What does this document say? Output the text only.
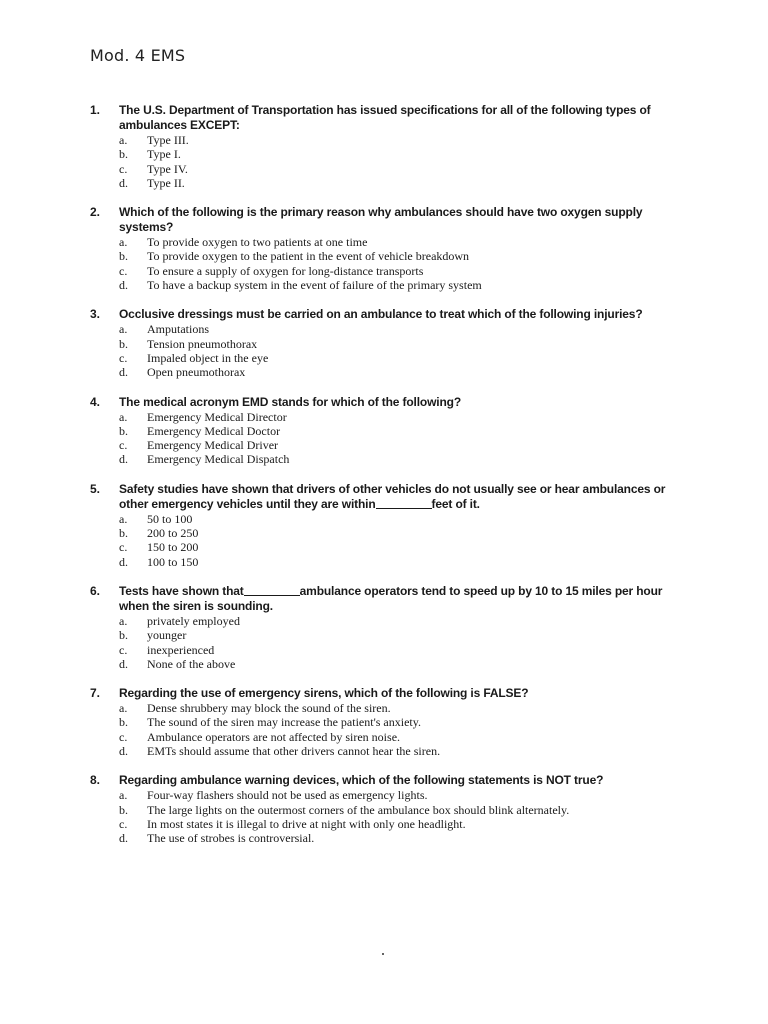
Mod. 4 EMS
1. The U.S. Department of Transportation has issued specifications for all of the following types of ambulances EXCEPT:

a. Type III.
b. Type I.
c. Type IV.
d. Type II.
2. Which of the following is the primary reason why ambulances should have two oxygen supply systems?

a. To provide oxygen to two patients at one time
b. To provide oxygen to the patient in the event of vehicle breakdown
c. To ensure a supply of oxygen for long-distance transports
d. To have a backup system in the event of failure of the primary system
3. Occlusive dressings must be carried on an ambulance to treat which of the following injuries?

a. Amputations
b. Tension pneumothorax
c. Impaled object in the eye
d. Open pneumothorax
4. The medical acronym EMD stands for which of the following?

a. Emergency Medical Director
b. Emergency Medical Doctor
c. Emergency Medical Driver
d. Emergency Medical Dispatch
5. Safety studies have shown that drivers of other vehicles do not usually see or hear ambulances or other emergency vehicles until they are within	feet of it.

a. 50 to 100
b. 200 to 250
c. 150 to 200
d. 100 to 150
6. Tests have shown that	ambulance operators tend to speed up by 10 to 15 miles per hour when the siren is sounding.

a. privately employed
b. younger
c. inexperienced
d. None of the above
7. Regarding the use of emergency sirens, which of the following is FALSE?

a. Dense shrubbery may block the sound of the siren.
b. The sound of the siren may increase the patient's anxiety.
c. Ambulance operators are not affected by siren noise.
d. EMTs should assume that other drivers cannot hear the siren.
8. Regarding ambulance warning devices, which of the following statements is NOT true?

a. Four-way flashers should not be used as emergency lights.
b. The large lights on the outermost corners of the ambulance box should blink alternately.
c. In most states it is illegal to drive at night with only one headlight.
d. The use of strobes is controversial.
